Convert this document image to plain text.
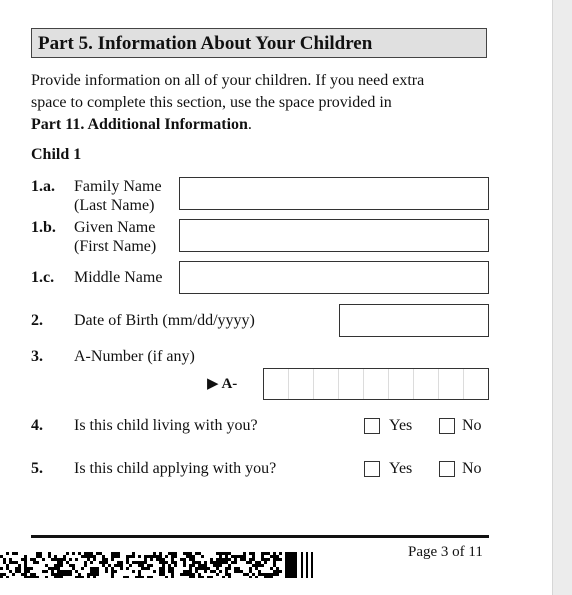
Part 5. Information About Your Children
Provide information on all of your children. If you need extra
space to complete this section, use the space provided in
Part 11. Additional Information.
Child 1
1.a. Family Name
(Last Name)
1.b. Given Name
(First Name)
1.c. Middle Name
2. Date of Birth (mm/dd/yyyy)
3. A-Number (if any)
▶ A-
4. Is this child living with you?	Yes	No
5. Is this child applying with you?	Yes	No
Page 3 of 11
